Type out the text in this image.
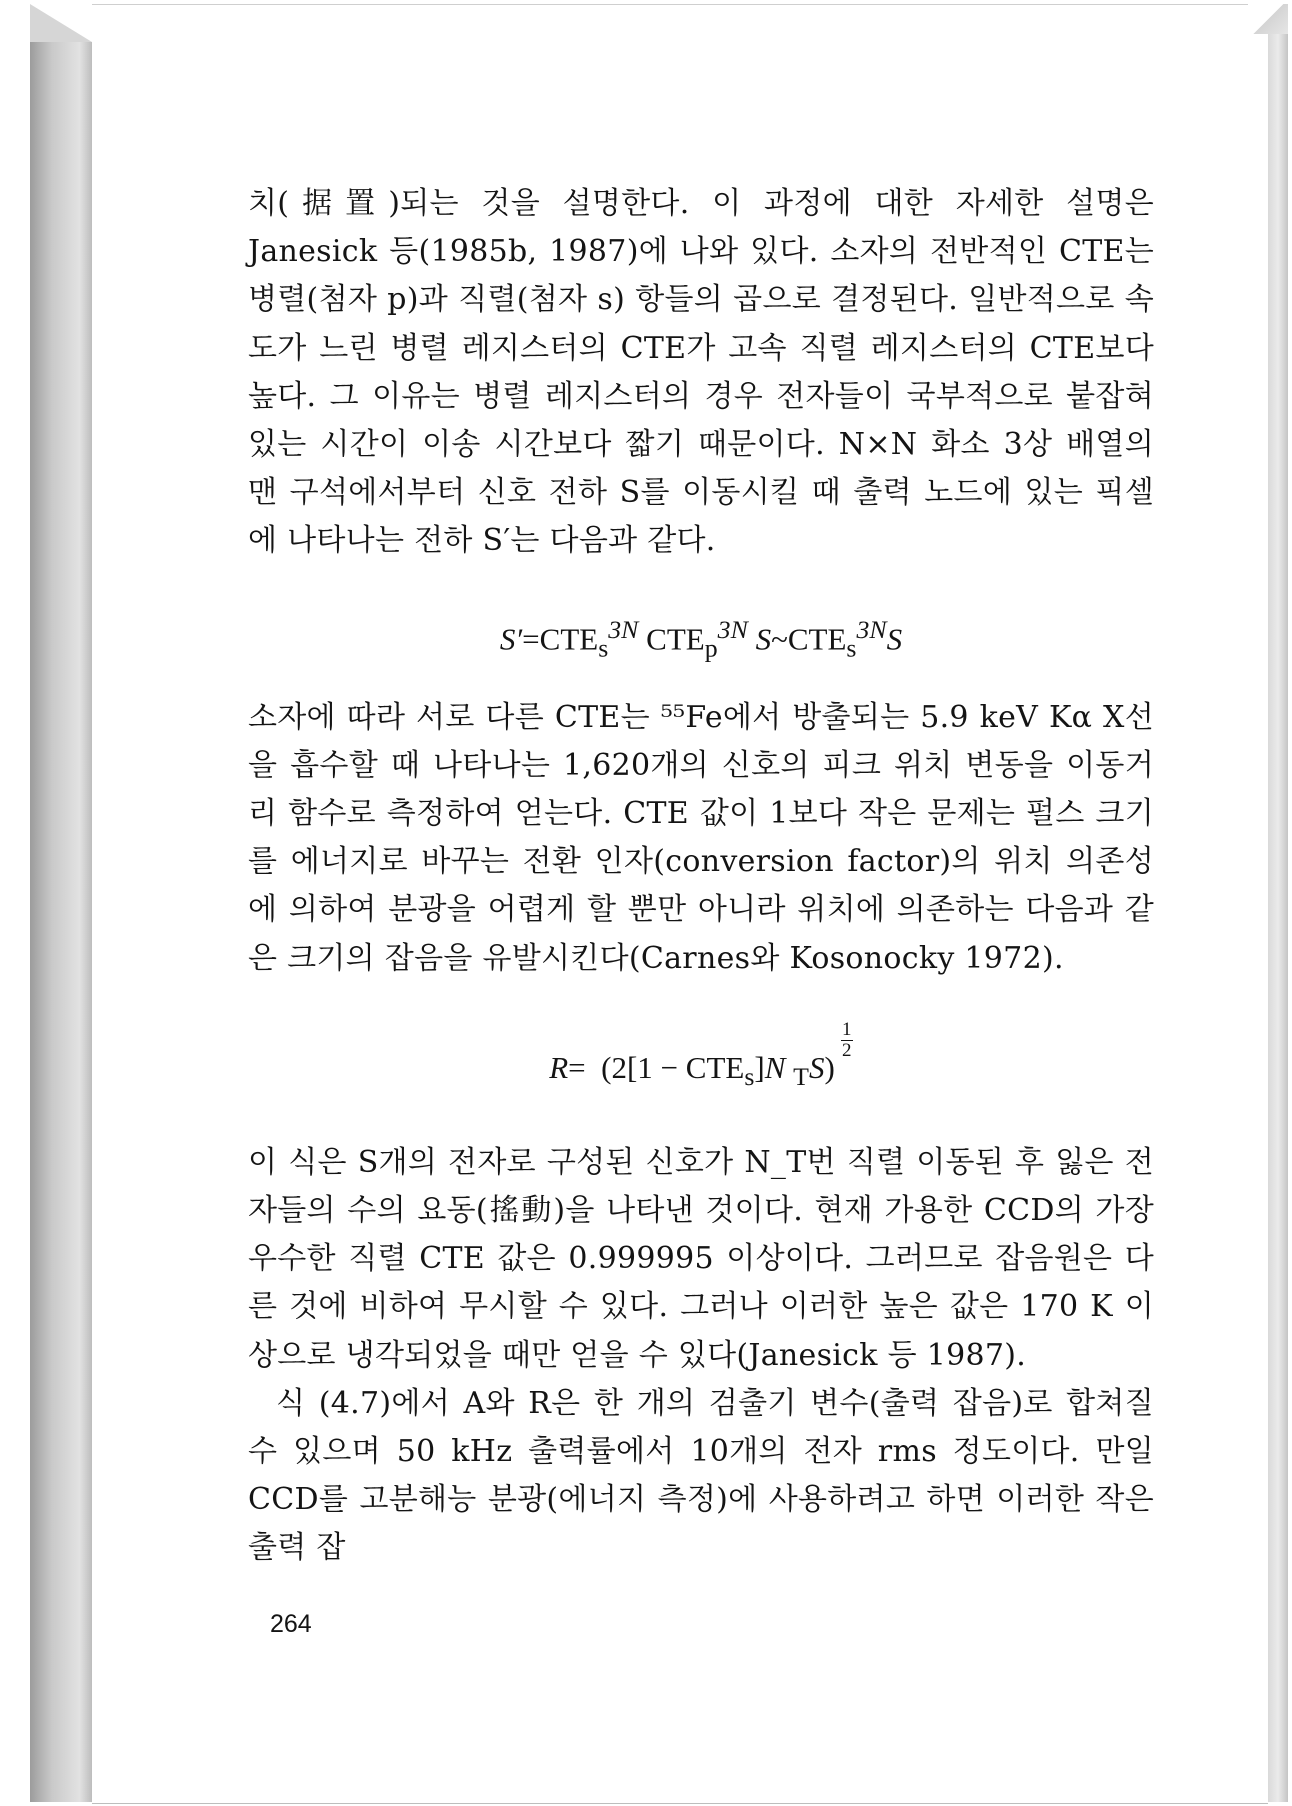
치(据置)되는 것을 설명한다. 이 과정에 대한 자세한 설명은 Janesick 등(1985b, 1987)에 나와 있다. 소자의 전반적인 CTE는 병렬(첨자 p)과 직렬(첨자 s) 항들의 곱으로 결정된다. 일반적으로 속도가 느린 병렬 레지스터의 CTE가 고속 직렬 레지스터의 CTE보다 높다. 그 이유는 병렬 레지스터의 경우 전자들이 국부적으로 붙잡혀 있는 시간이 이송 시간보다 짧기 때문이다. N×N 화소 3상 배열의 맨 구석에서부터 신호 전하 S를 이동시킬 때 출력 노드에 있는 픽셀에 나타나는 전하 S′는 다음과 같다.

$S'=CTE_s^{3N}$ $CTE_p^{3N}$ $S\sim CTE_s^{3N}S$

소자에 따라 서로 다른 CTE는 ⁵⁵Fe에서 방출되는 5.9 keV Kα X선을 흡수할 때 나타나는 1,620개의 신호의 피크 위치 변동을 이동거리 함수로 측정하여 얻는다. CTE 값이 1보다 작은 문제는 펄스 크기를 에너지로 바꾸는 전환 인자(conversion factor)의 위치 의존성에 의하여 분광을 어렵게 할 뿐만 아니라 위치에 의존하는 다음과 같은 크기의 잡음을 유발시킨다(Carnes와 Kosonocky 1972).

$R= (2[1 - CTE_s]N$ $_T$S)
$\frac{1}{2}$

이 식은 S개의 전자로 구성된 신호가 N_T번 직렬 이동된 후 잃은 전자들의 수의 요동(搖動)을 나타낸 것이다. 현재 가용한 CCD의 가장 우수한 직렬 CTE 값은 0.999995 이상이다. 그러므로 잡음원은 다른 것에 비하여 무시할 수 있다. 그러나 이러한 높은 값은 170 K 이상으로 냉각되었을 때만 얻을 수 있다(Janesick 등 1987).

식 (4.7)에서 A와 R은 한 개의 검출기 변수(출력 잡음)로 합쳐질 수 있으며 50 kHz 출력률에서 10개의 전자 rms 정도이다. 만일 CCD를 고분해능 분광(에너지 측정)에 사용하려고 하면 이러한 작은 출력 잡

264
